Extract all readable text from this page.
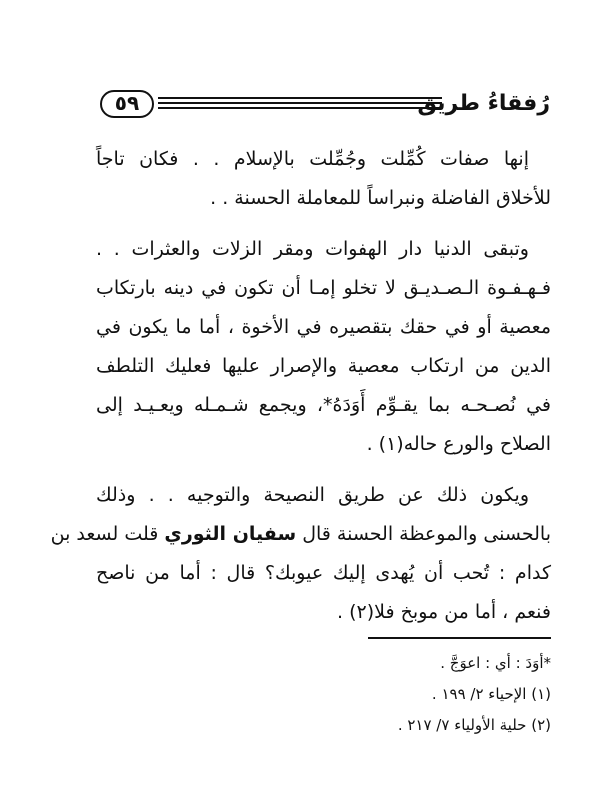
٥٩	رُفقاءُ طريق

إنها صفات كُمِّلت وجُمِّلت بالإسلام . . فكان تاجاً
للأخلاق الفاضلة ونبراساً للمعاملة الحسنة . .

وتبقى الدنيا دار الهفوات ومقر الزلات والعثرات . .
فـهـفـوة الـصـديـق لا تخلو إمـا أن تكون في دينه بارتكاب
معصية أو في حقك بتقصيره في الأخوة ، أما ما يكون في
الدين من ارتكاب معصية والإصرار عليها فعليك التلطف
في نُصـحـه بما يقـوِّم أَوَدَهُ*، ويجمع شـمـله ويعـيـد إلى
الصلاح والورع حاله(١) .

ويكون ذلك عن طريق النصيحة والتوجيه . . وذلك
بالحسنى والموعظة الحسنة قال سفيان الثوري قلت لسعد بن
كدام : تُحب أن يُهدى إليك عيوبك؟ قال : أما من ناصح
فنعم ، أما من موبخ فلا(٢) .

*أوَدَ : أي : اعوَجَّ .
(١) الإحياء ٢/ ١٩٩ .
(٢) حلية الأولياء ٧/ ٢١٧ .
